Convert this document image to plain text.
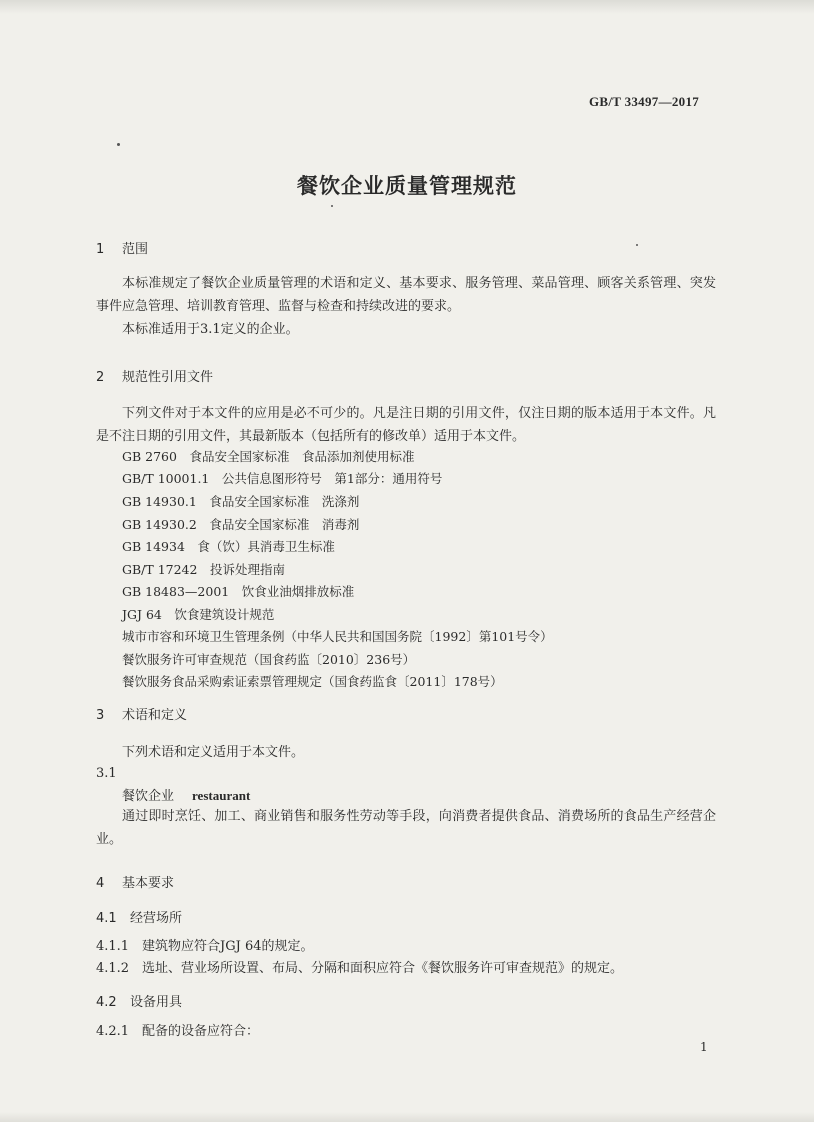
GB/T 33497—2017
餐饮企业质量管理规范
1 范围
本标准规定了餐饮企业质量管理的术语和定义、基本要求、服务管理、菜品管理、顾客关系管理、突发事件应急管理、培训教育管理、监督与检查和持续改进的要求。
本标准适用于3.1定义的企业。
2 规范性引用文件
下列文件对于本文件的应用是必不可少的。凡是注日期的引用文件，仅注日期的版本适用于本文件。凡是不注日期的引用文件，其最新版本（包括所有的修改单）适用于本文件。
GB 2760　食品安全国家标准　食品添加剂使用标准
GB/T 10001.1　公共信息图形符号　第1部分：通用符号
GB 14930.1　食品安全国家标准　洗涤剂
GB 14930.2　食品安全国家标准　消毒剂
GB 14934　食（饮）具消毒卫生标准
GB/T 17242　投诉处理指南
GB 18483—2001　饮食业油烟排放标准
JGJ 64　饮食建筑设计规范
城市市容和环境卫生管理条例（中华人民共和国国务院〔1992〕第101号令）
餐饮服务许可审查规范（国食药监〔2010〕236号）
餐饮服务食品采购索证索票管理规定（国食药监食〔2011〕178号）
3 术语和定义
下列术语和定义适用于本文件。
3.1
餐饮企业 restaurant
通过即时烹饪、加工、商业销售和服务性劳动等手段，向消费者提供食品、消费场所的食品生产经营企业。
4 基本要求
4.1 经营场所
4.1.1 建筑物应符合JGJ 64的规定。
4.1.2 选址、营业场所设置、布局、分隔和面积应符合《餐饮服务许可审查规范》的规定。
4.2 设备用具
4.2.1 配备的设备应符合：
1
